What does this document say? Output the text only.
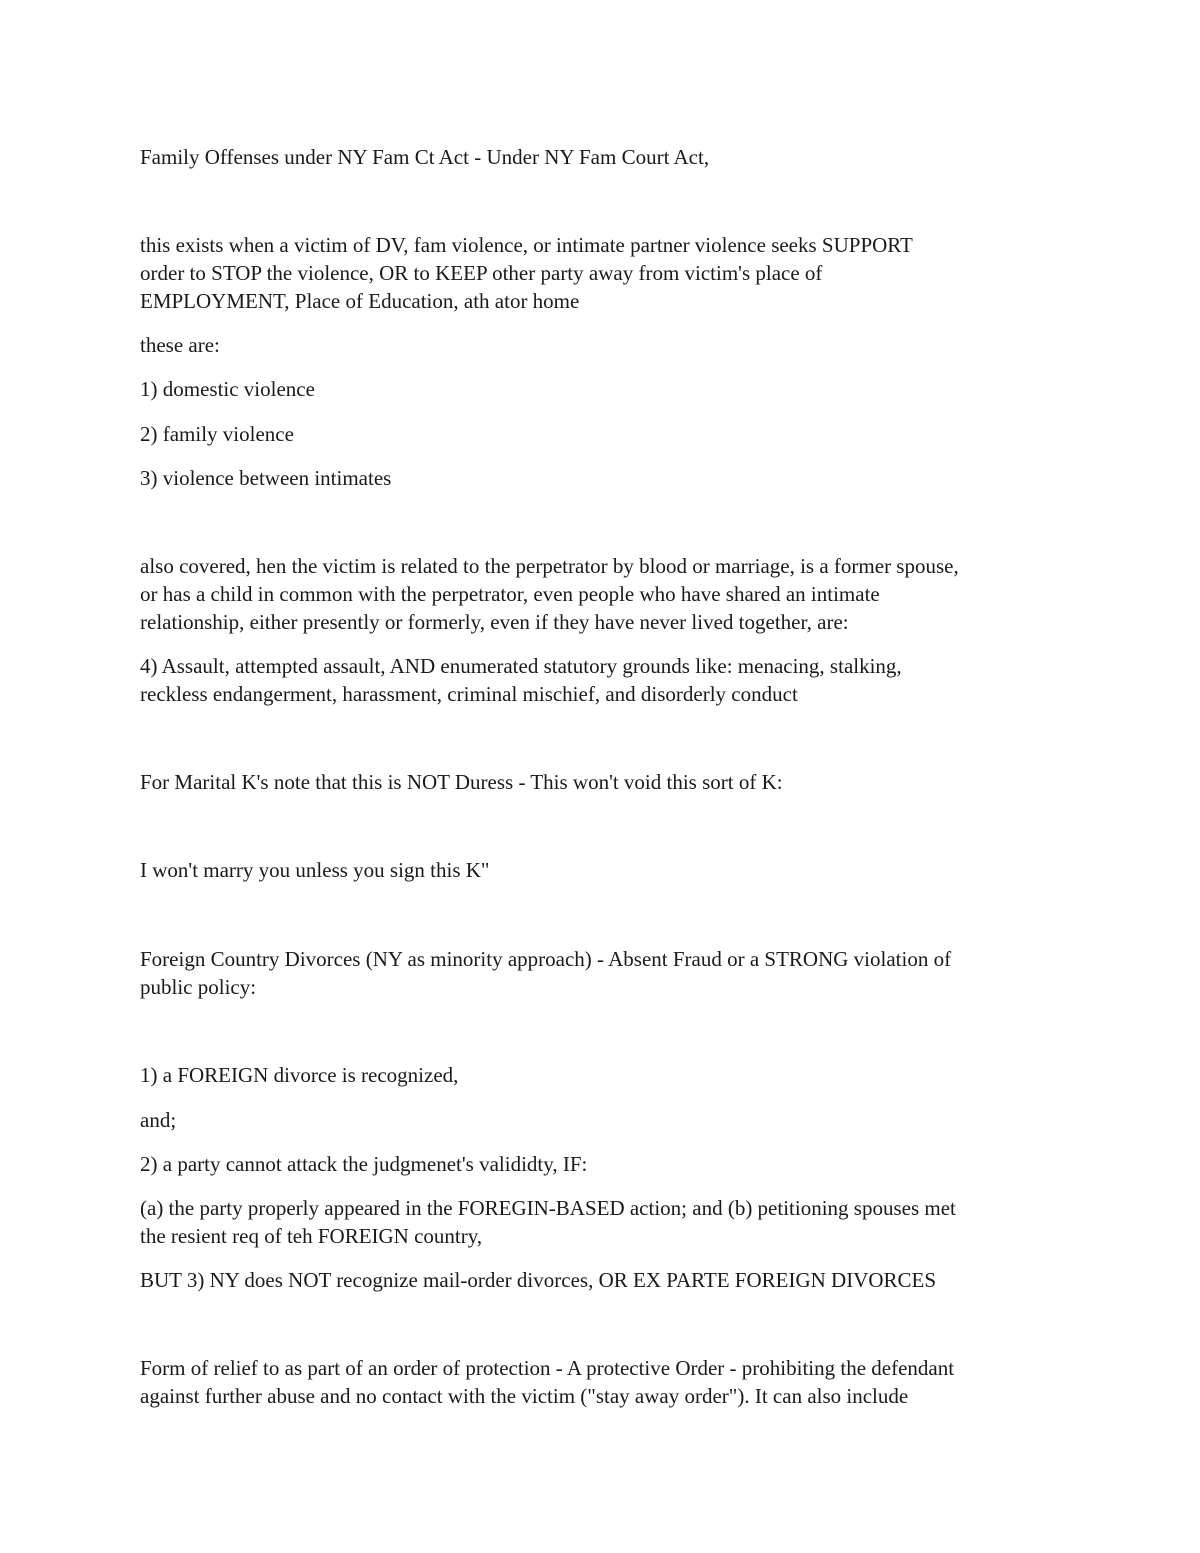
Family Offenses under NY Fam Ct Act - Under NY Fam Court Act,

this exists when a victim of DV, fam violence, or intimate partner violence seeks SUPPORT

order to STOP the violence, OR to KEEP other party away from victim's place of

EMPLOYMENT, Place of Education, ath ator home

these are:

1) domestic violence

2) family violence

3) violence between intimates

also covered, hen the victim is related to the perpetrator by blood or marriage, is a former spouse,

or has a child in common with the perpetrator, even people who have shared an intimate

relationship, either presently or formerly, even if they have never lived together, are:

4) Assault, attempted assault, AND enumerated statutory grounds like: menacing, stalking,

reckless endangerment, harassment, criminal mischief, and disorderly conduct

For Marital K's note that this is NOT Duress - This won't void this sort of K:

I won't marry you unless you sign this K"

Foreign Country Divorces (NY as minority approach) - Absent Fraud or a STRONG violation of

public policy:

1) a FOREIGN divorce is recognized,

and;

2) a party cannot attack the judgmenet's valididty, IF:

(a) the party properly appeared in the FOREGIN-BASED action; and (b) petitioning spouses met

the resient req of teh FOREIGN country,

BUT 3) NY does NOT recognize mail-order divorces, OR EX PARTE FOREIGN DIVORCES

Form of relief to as part of an order of protection - A protective Order - prohibiting the defendant

against further abuse and no contact with the victim ("stay away order"). It can also include
